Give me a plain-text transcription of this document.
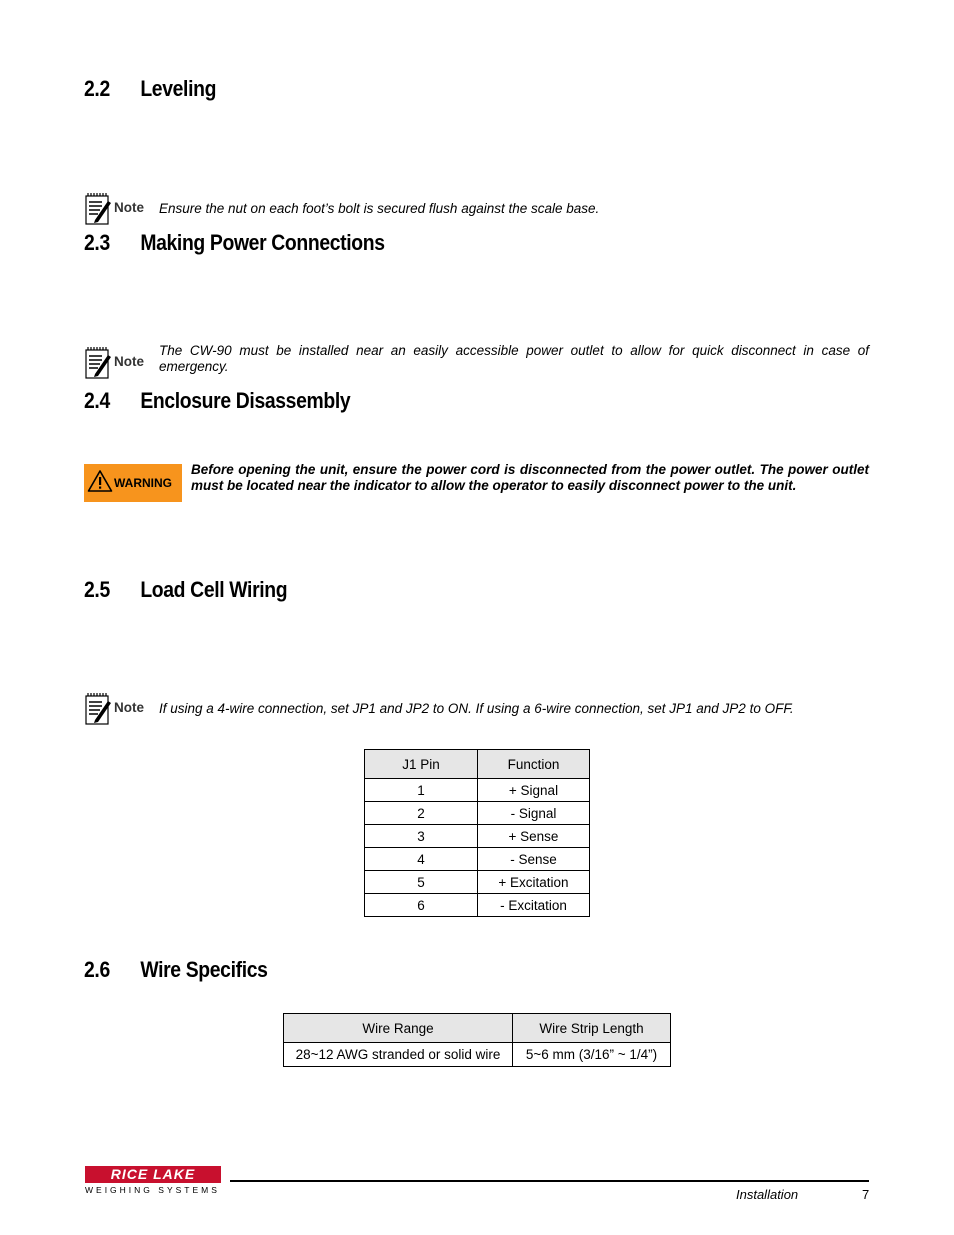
2.2 Leveling
Note Ensure the nut on each foot’s bolt is secured flush against the scale base.
2.3 Making Power Connections
Note
The CW-90 must be installed near an easily accessible power outlet to allow for quick disconnect in case of emergency.
2.4 Enclosure Disassembly
WARNING
Before opening the unit, ensure the power cord is disconnected from the power outlet. The power outlet must be located near the indicator to allow the operator to easily disconnect power to the unit.
2.5 Load Cell Wiring
Note If using a 4-wire connection, set JP1 and JP2 to ON. If using a 6-wire connection, set JP1 and JP2 to OFF.
J1 Pin	Function
1	+ Signal
2	- Signal
3	+ Sense
4	- Sense
5	+ Excitation
6	- Excitation
2.6 Wire Specifics
Wire Range	Wire Strip Length
28~12 AWG stranded or solid wire	5~6 mm (3/16” ~ 1/4”)
RICE LAKE
WEIGHING SYSTEMS	Installation	7
